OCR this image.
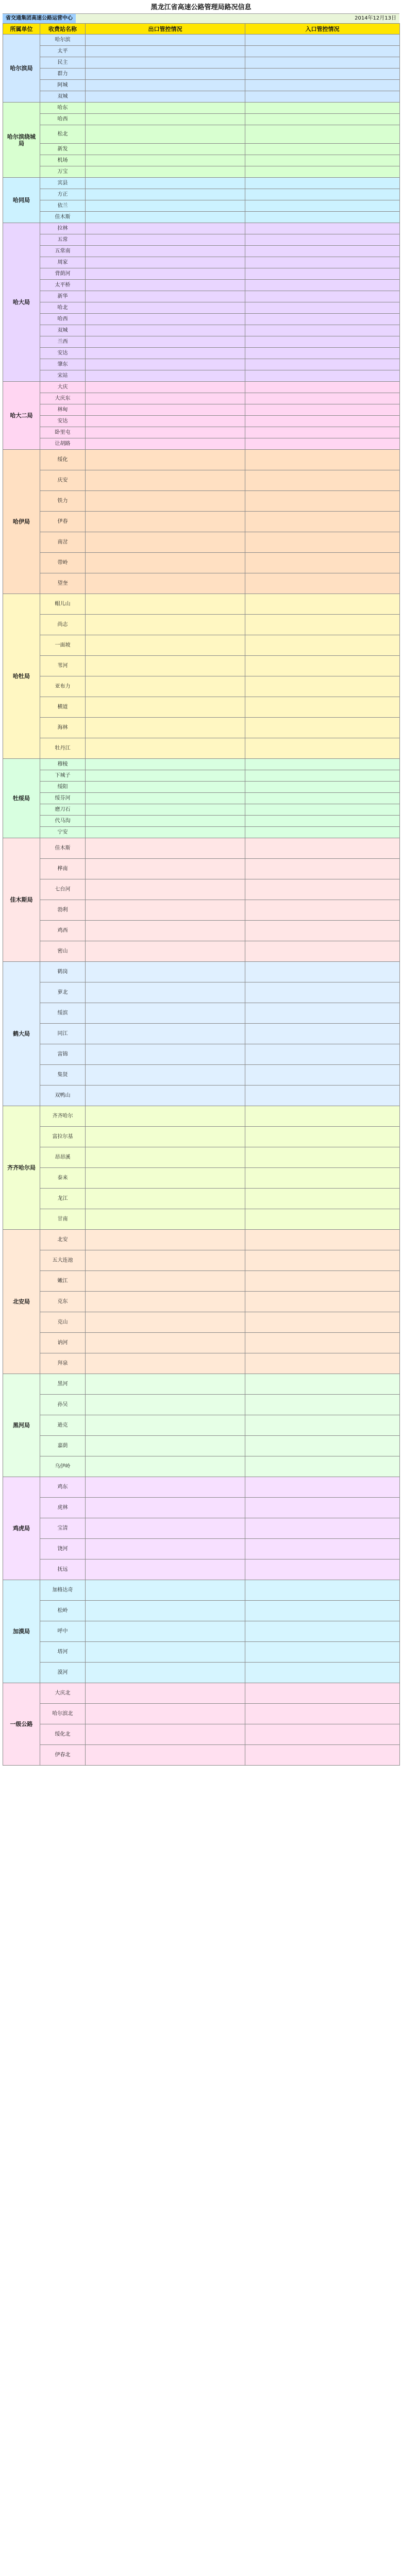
黑龙江省高速公路管理局路况信息
省交通集团高速公路运营中心	2014年12月13日
所属单位	收费站名称	出口管控情况	入口管控情况
哈尔滨局	哈尔滨		
	太平		
	民主		
	群力		
	阿城		
	双城		
哈尔滨绕城局	哈东		
	哈西		
	松北		
	新发		
	机场		
	万宝		
哈同局	宾县		
	方正		
	依兰		
	佳木斯		
哈大局	拉林		
	五常		
	五常南		
	周家		
	背荫河		
	太平桥		
	新华		
	哈北		
	哈西		
	双城		
	兰西		
	安达		
	肇东		
	宋站		
哈大二局	大庆		
	大庆东		
	林甸		
	安达		
	卧里屯		
	让胡路		
哈伊局	绥化		
	庆安		
	铁力		
	伊春		
	南岔		
	带岭		
	望奎		
哈牡局	帽儿山		
	尚志		
	一面坡		
	苇河		
	亚布力		
	横道		
	海林		
	牡丹江		
牡绥局	穆棱		
	下城子		
	绥阳		
	绥芬河		
	磨刀石		
	代马沟		
	宁安		
佳木斯局	佳木斯		
	桦南		
	七台河		
	勃利		
	鸡西		
	密山		
鹤大局	鹤岗		
	萝北		
	绥滨		
	同江		
	富锦		
	集贤		
	双鸭山		
齐齐哈尔局	齐齐哈尔		
	富拉尔基		
	昂昂溪		
	泰来		
	龙江		
	甘南		
北安局	北安		
	五大连池		
	嫩江		
	克东		
	克山		
	讷河		
	拜泉		
黑河局	黑河		
	孙吴		
	逊克		
	嘉荫		
	乌伊岭		
鸡虎局	鸡东		
	虎林		
	宝清		
	饶河		
	抚远		
加漠局	加格达奇		
	松岭		
	呼中		
	塔河		
	漠河		
一级公路	大庆北		
	哈尔滨北		
	绥化北		
	伊春北		
